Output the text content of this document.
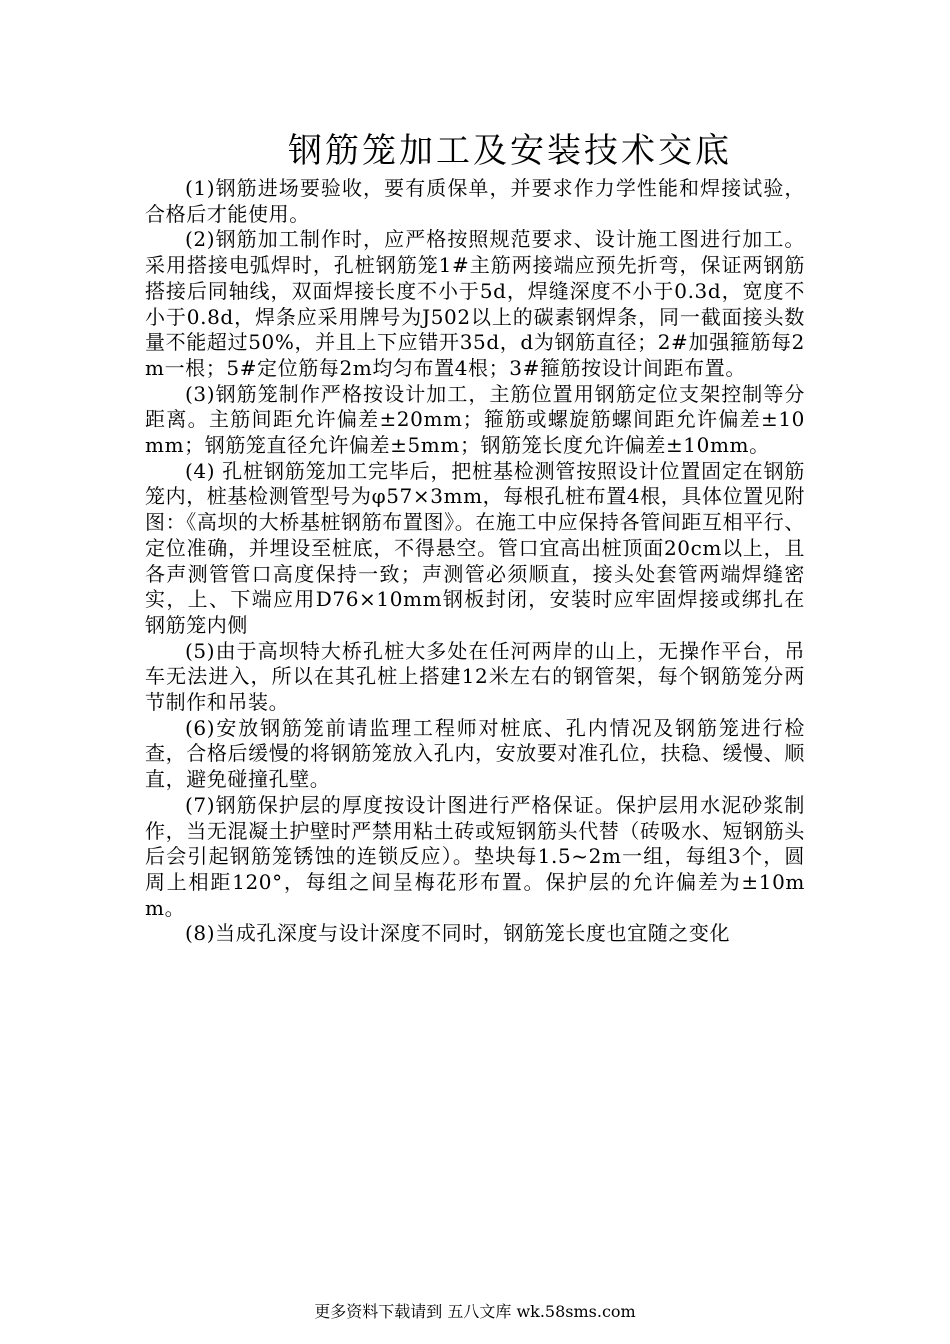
钢筋笼加工及安装技术交底

(1)钢筋进场要验收，要有质保单，并要求作力学性能和焊接试验，合格后才能使用。

(2)钢筋加工制作时，应严格按照规范要求、设计施工图进行加工。采用搭接电弧焊时，孔桩钢筋笼1#主筋两接端应预先折弯，保证两钢筋搭接后同轴线，双面焊接长度不小于5d，焊缝深度不小于0.3d，宽度不小于0.8d，焊条应采用牌号为J502以上的碳素钢焊条，同一截面接头数量不能超过50%，并且上下应错开35d，d为钢筋直径；2#加强箍筋每2m一根；5#定位筋每2m均匀布置4根；3#箍筋按设计间距布置。

(3)钢筋笼制作严格按设计加工，主筋位置用钢筋定位支架控制等分距离。主筋间距允许偏差±20mm；箍筋或螺旋筋螺间距允许偏差±10mm；钢筋笼直径允许偏差±5mm；钢筋笼长度允许偏差±10mm。

(4) 孔桩钢筋笼加工完毕后，把桩基检测管按照设计位置固定在钢筋笼内，桩基检测管型号为φ57×3mm，每根孔桩布置4根，具体位置见附图：《高坝的大桥基桩钢筋布置图》。在施工中应保持各管间距互相平行、定位准确，并埋设至桩底，不得悬空。管口宜高出桩顶面20cm以上，且各声测管管口高度保持一致；声测管必须顺直，接头处套管两端焊缝密实，上、下端应用D76×10mm钢板封闭，安装时应牢固焊接或绑扎在钢筋笼内侧

(5)由于高坝特大桥孔桩大多处在任河两岸的山上，无操作平台，吊车无法进入，所以在其孔桩上搭建12米左右的钢管架，每个钢筋笼分两节制作和吊装。

(6)安放钢筋笼前请监理工程师对桩底、孔内情况及钢筋笼进行检查，合格后缓慢的将钢筋笼放入孔内，安放要对准孔位，扶稳、缓慢、顺直，避免碰撞孔壁。

(7)钢筋保护层的厚度按设计图进行严格保证。保护层用水泥砂浆制作，当无混凝土护壁时严禁用粘土砖或短钢筋头代替（砖吸水、短钢筋头后会引起钢筋笼锈蚀的连锁反应）。垫块每1.5~2m一组，每组3个，圆周上相距120°，每组之间呈梅花形布置。保护层的允许偏差为±10mm。

(8)当成孔深度与设计深度不同时，钢筋笼长度也宜随之变化

更多资料下载请到 五八文库 wk.58sms.com
